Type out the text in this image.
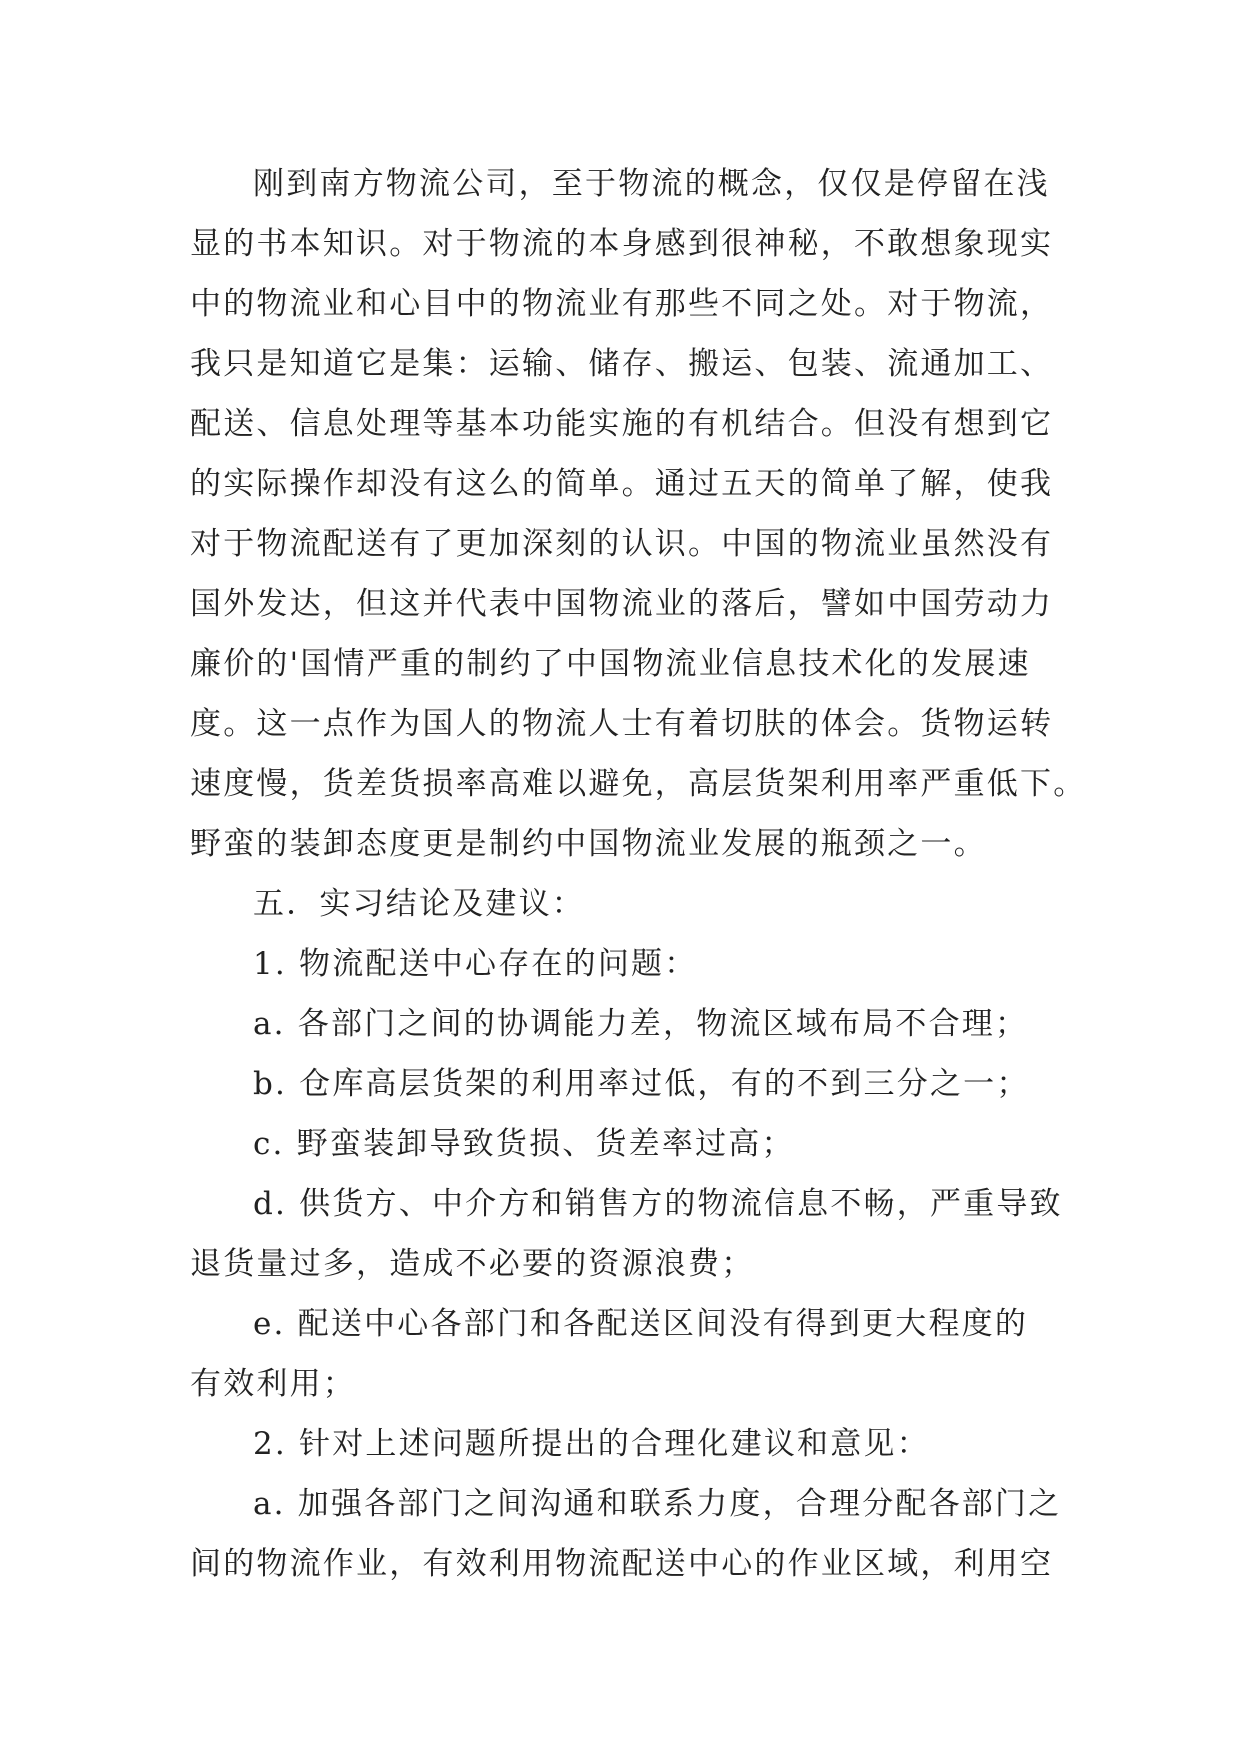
刚到南方物流公司，至于物流的概念，仅仅是停留在浅
显的书本知识。对于物流的本身感到很神秘，不敢想象现实
中的物流业和心目中的物流业有那些不同之处。对于物流，
我只是知道它是集：运输、储存、搬运、包装、流通加工、
配送、信息处理等基本功能实施的有机结合。但没有想到它
的实际操作却没有这么的简单。通过五天的简单了解，使我
对于物流配送有了更加深刻的认识。中国的物流业虽然没有
国外发达，但这并代表中国物流业的落后，譬如中国劳动力
廉价的'国情严重的制约了中国物流业信息技术化的发展速
度。这一点作为国人的物流人士有着切肤的体会。货物运转
速度慢，货差货损率高难以避免，高层货架利用率严重低下。
野蛮的装卸态度更是制约中国物流业发展的瓶颈之一。
五．实习结论及建议：
1. 物流配送中心存在的问题：
a. 各部门之间的协调能力差，物流区域布局不合理；
b. 仓库高层货架的利用率过低，有的不到三分之一；
c. 野蛮装卸导致货损、货差率过高；
d. 供货方、中介方和销售方的物流信息不畅，严重导致
退货量过多，造成不必要的资源浪费；
e. 配送中心各部门和各配送区间没有得到更大程度的
有效利用；
2. 针对上述问题所提出的合理化建议和意见：
a. 加强各部门之间沟通和联系力度，合理分配各部门之
间的物流作业，有效利用物流配送中心的作业区域，利用空
